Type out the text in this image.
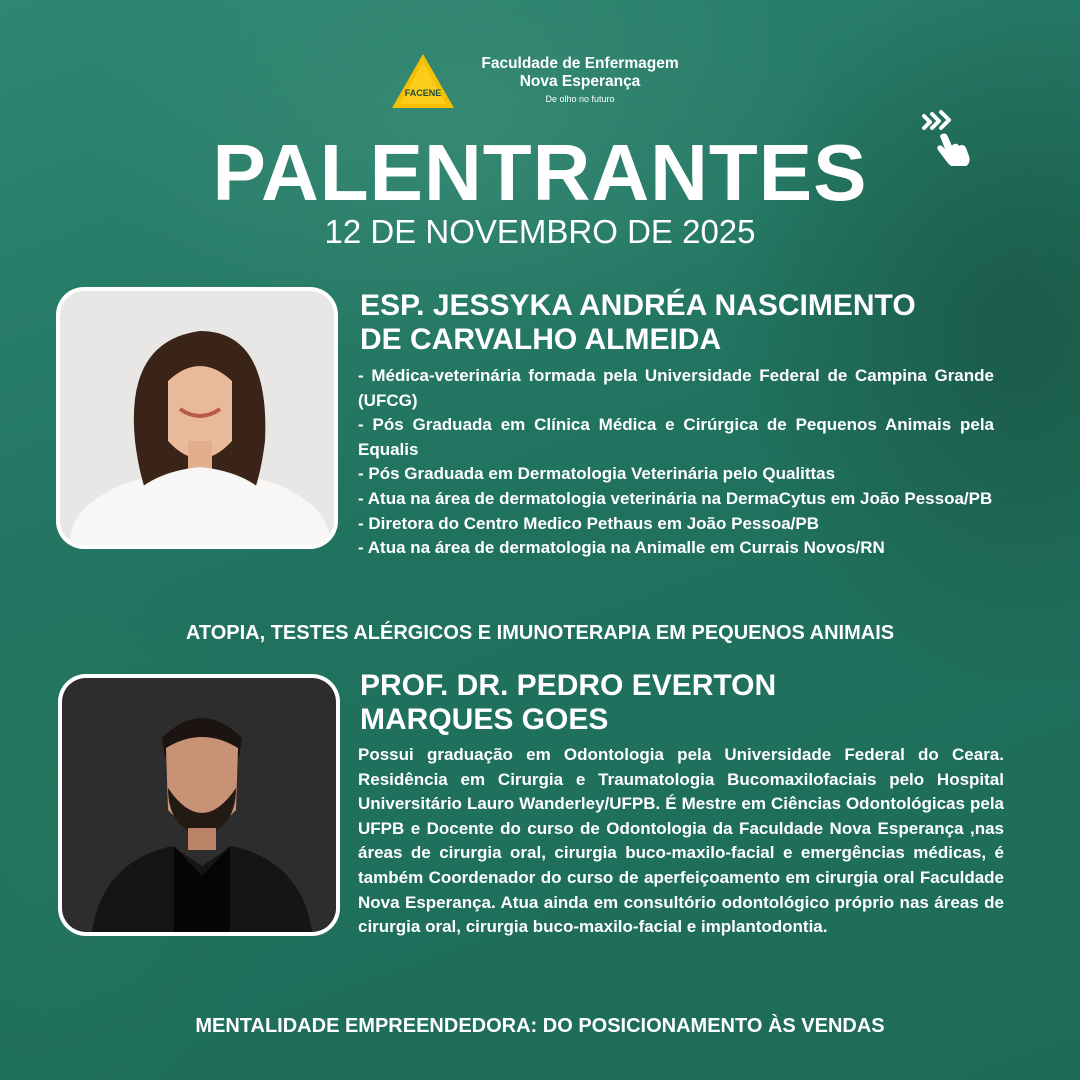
FACENE
Faculdade de Enfermagem
Nova Esperança
De olho no futuro
PALENTRANTES
12 DE NOVEMBRO DE 2025
ESP. JESSYKA ANDRÉA NASCIMENTO
DE CARVALHO ALMEIDA
- Médica-veterinária formada pela Universidade Federal de Campina Grande (UFCG)
- Pós Graduada em Clínica Médica e Cirúrgica de Pequenos Animais pela Equalis
- Pós Graduada em Dermatologia Veterinária pelo Qualittas
- Atua na área de dermatologia veterinária na DermaCytus em João Pessoa/PB
- Diretora do Centro Medico Pethaus em João Pessoa/PB
- Atua na área de dermatologia na Animalle em Currais Novos/RN
ATOPIA, TESTES ALÉRGICOS E IMUNOTERAPIA EM PEQUENOS ANIMAIS
PROF. DR. PEDRO EVERTON
MARQUES GOES
Possui graduação em Odontologia pela Universidade Federal do Ceara. Residência em Cirurgia e Traumatologia Bucomaxilofaciais pelo Hospital Universitário Lauro Wanderley/UFPB. É Mestre em Ciências Odontológicas pela UFPB e Docente do curso de Odontologia da Faculdade Nova Esperança ,nas áreas de cirurgia oral, cirurgia buco-maxilo-facial e emergências médicas, é também Coordenador do curso de aperfeiçoamento em cirurgia oral Faculdade Nova Esperança. Atua ainda em consultório odontológico próprio nas áreas de cirurgia oral, cirurgia buco-maxilo-facial e implantodontia.
MENTALIDADE EMPREENDEDORA: DO POSICIONAMENTO ÀS VENDAS
